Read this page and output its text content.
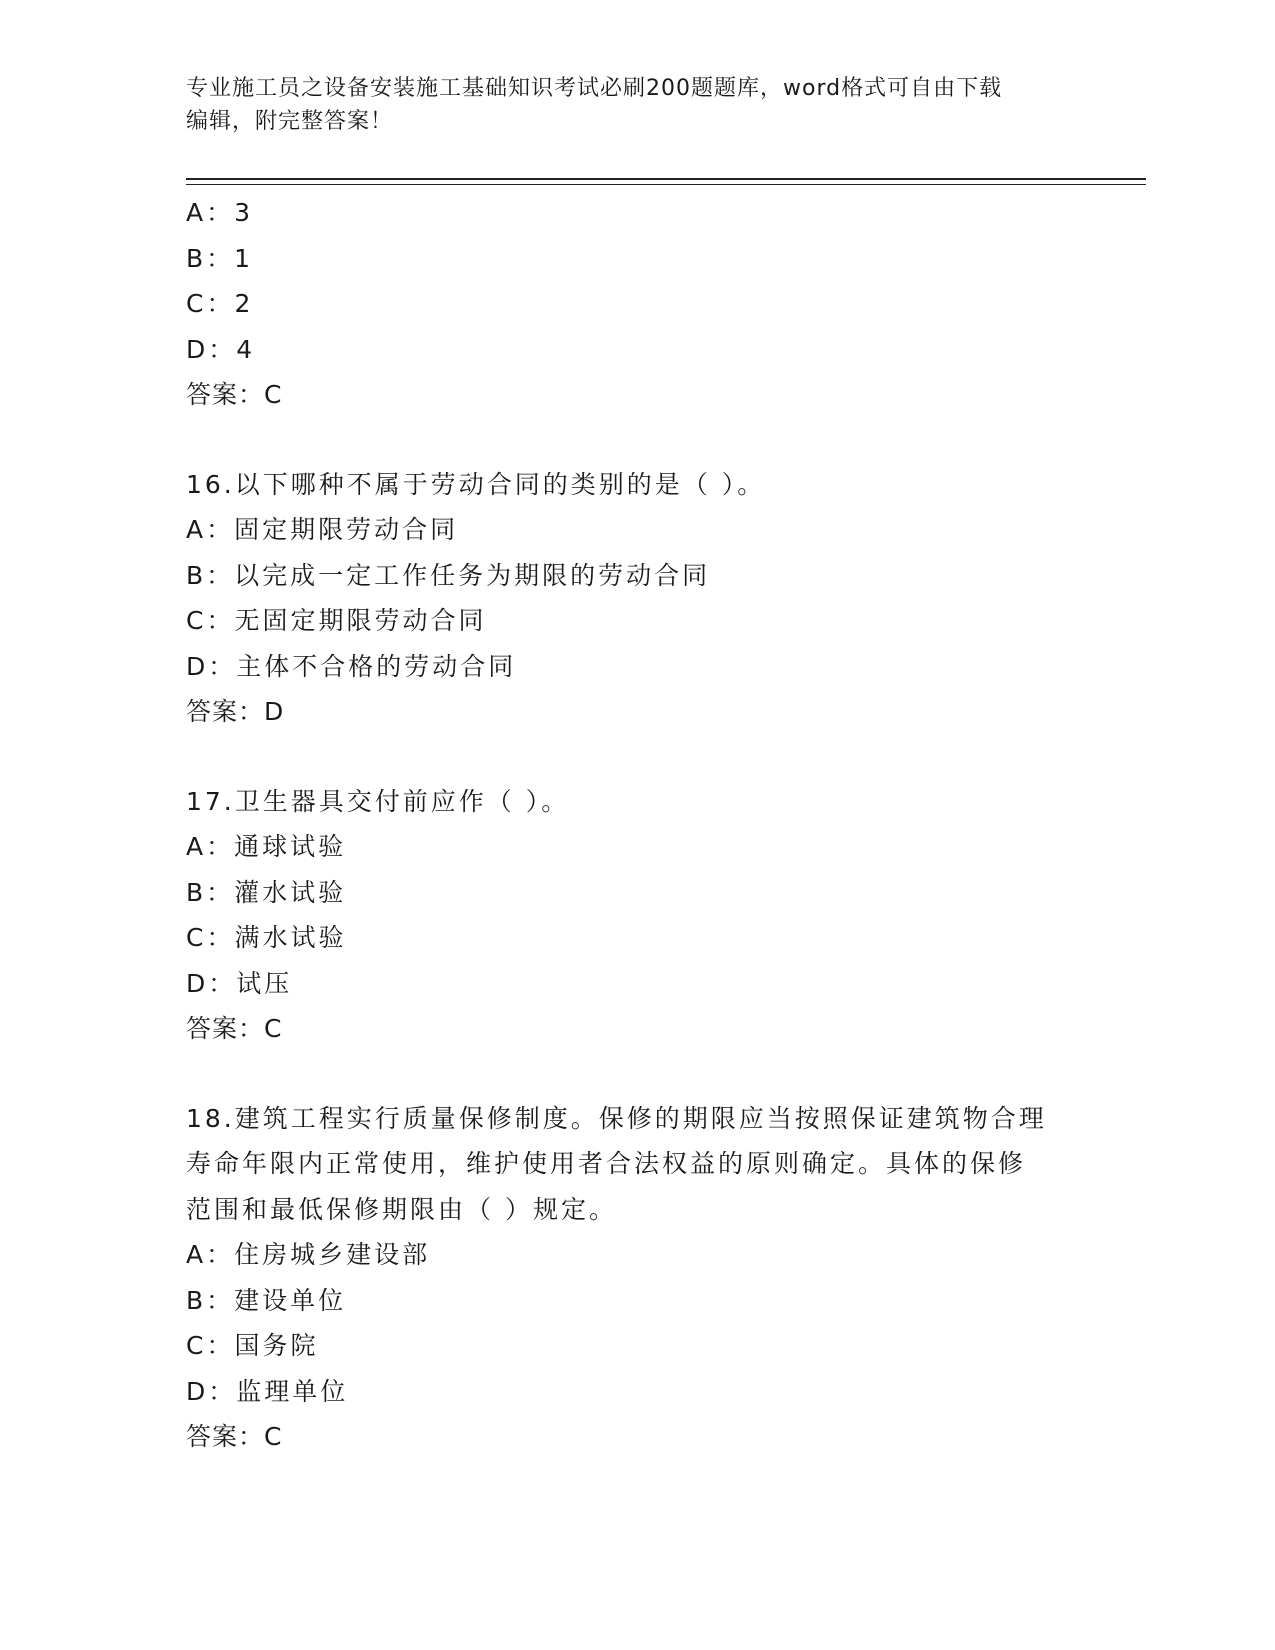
专业施工员之设备安装施工基础知识考试必刷200题题库，word格式可自由下载
编辑，附完整答案！
A：3
B：1
C：2
D：4
答案：C
16.以下哪种不属于劳动合同的类别的是（ ）。
A：固定期限劳动合同
B：以完成一定工作任务为期限的劳动合同
C：无固定期限劳动合同
D：主体不合格的劳动合同
答案：D
17.卫生器具交付前应作（ ）。
A：通球试验
B：灌水试验
C：满水试验
D：试压
答案：C
18.建筑工程实行质量保修制度。保修的期限应当按照保证建筑物合理
寿命年限内正常使用，维护使用者合法权益的原则确定。具体的保修
范围和最低保修期限由（ ）规定。
A：住房城乡建设部
B：建设单位
C：国务院
D：监理单位
答案：C
